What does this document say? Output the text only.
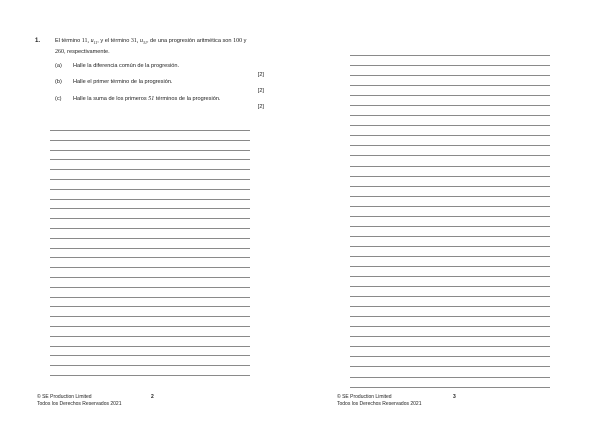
1.	El término 11, $u_{11}$, y el término 31, $u_{31}$, de una progresión aritmética son 100 y
260, respectivamente.
(a) Halle la diferencia común de la progresión.
[2]
(b) Halle el primer término de la progresión.
[2]
(c) Halle la suma de los primeros 51 términos de la progresión.
[2]
© SE Production Limited
Todos los Derechos Reservados 2021
2	© SE Production Limited
Todos los Derechos Reservados 2021
3
